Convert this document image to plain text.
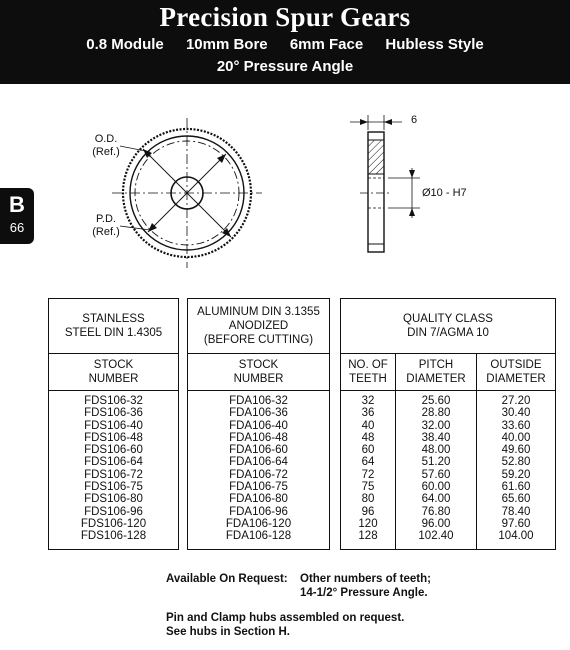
Precision Spur Gears
0.8 Module 10mm Bore 6mm Face Hubless Style
20° Pressure Angle
B
66
O.D.
(Ref.)
P.D.
(Ref.)
6
Ø10 - H7
STAINLESS
STEEL DIN 1.4305
STOCK
NUMBER
FDS106-32
FDS106-36
FDS106-40
FDS106-48
FDS106-60
FDS106-64
FDS106-72
FDS106-75
FDS106-80
FDS106-96
FDS106-120
FDS106-128
ALUMINUM DIN 3.1355
ANODIZED
(BEFORE CUTTING)
STOCK
NUMBER
FDA106-32
FDA106-36
FDA106-40
FDA106-48
FDA106-60
FDA106-64
FDA106-72
FDA106-75
FDA106-80
FDA106-96
FDA106-120
FDA106-128
QUALITY CLASS
DIN 7/AGMA 10
NO. OF
TEETH
PITCH
DIAMETER
OUTSIDE
DIAMETER
32
36
40
48
60
64
72
75
80
96
120
128
25.60
28.80
32.00
38.40
48.00
51.20
57.60
60.00
64.00
76.80
96.00
102.40
27.20
30.40
33.60
40.00
49.60
52.80
59.20
61.60
65.60
78.40
97.60
104.00
Available On Request: Other numbers of teeth;
14-1/2° Pressure Angle.
Pin and Clamp hubs assembled on request.
See hubs in Section H.
